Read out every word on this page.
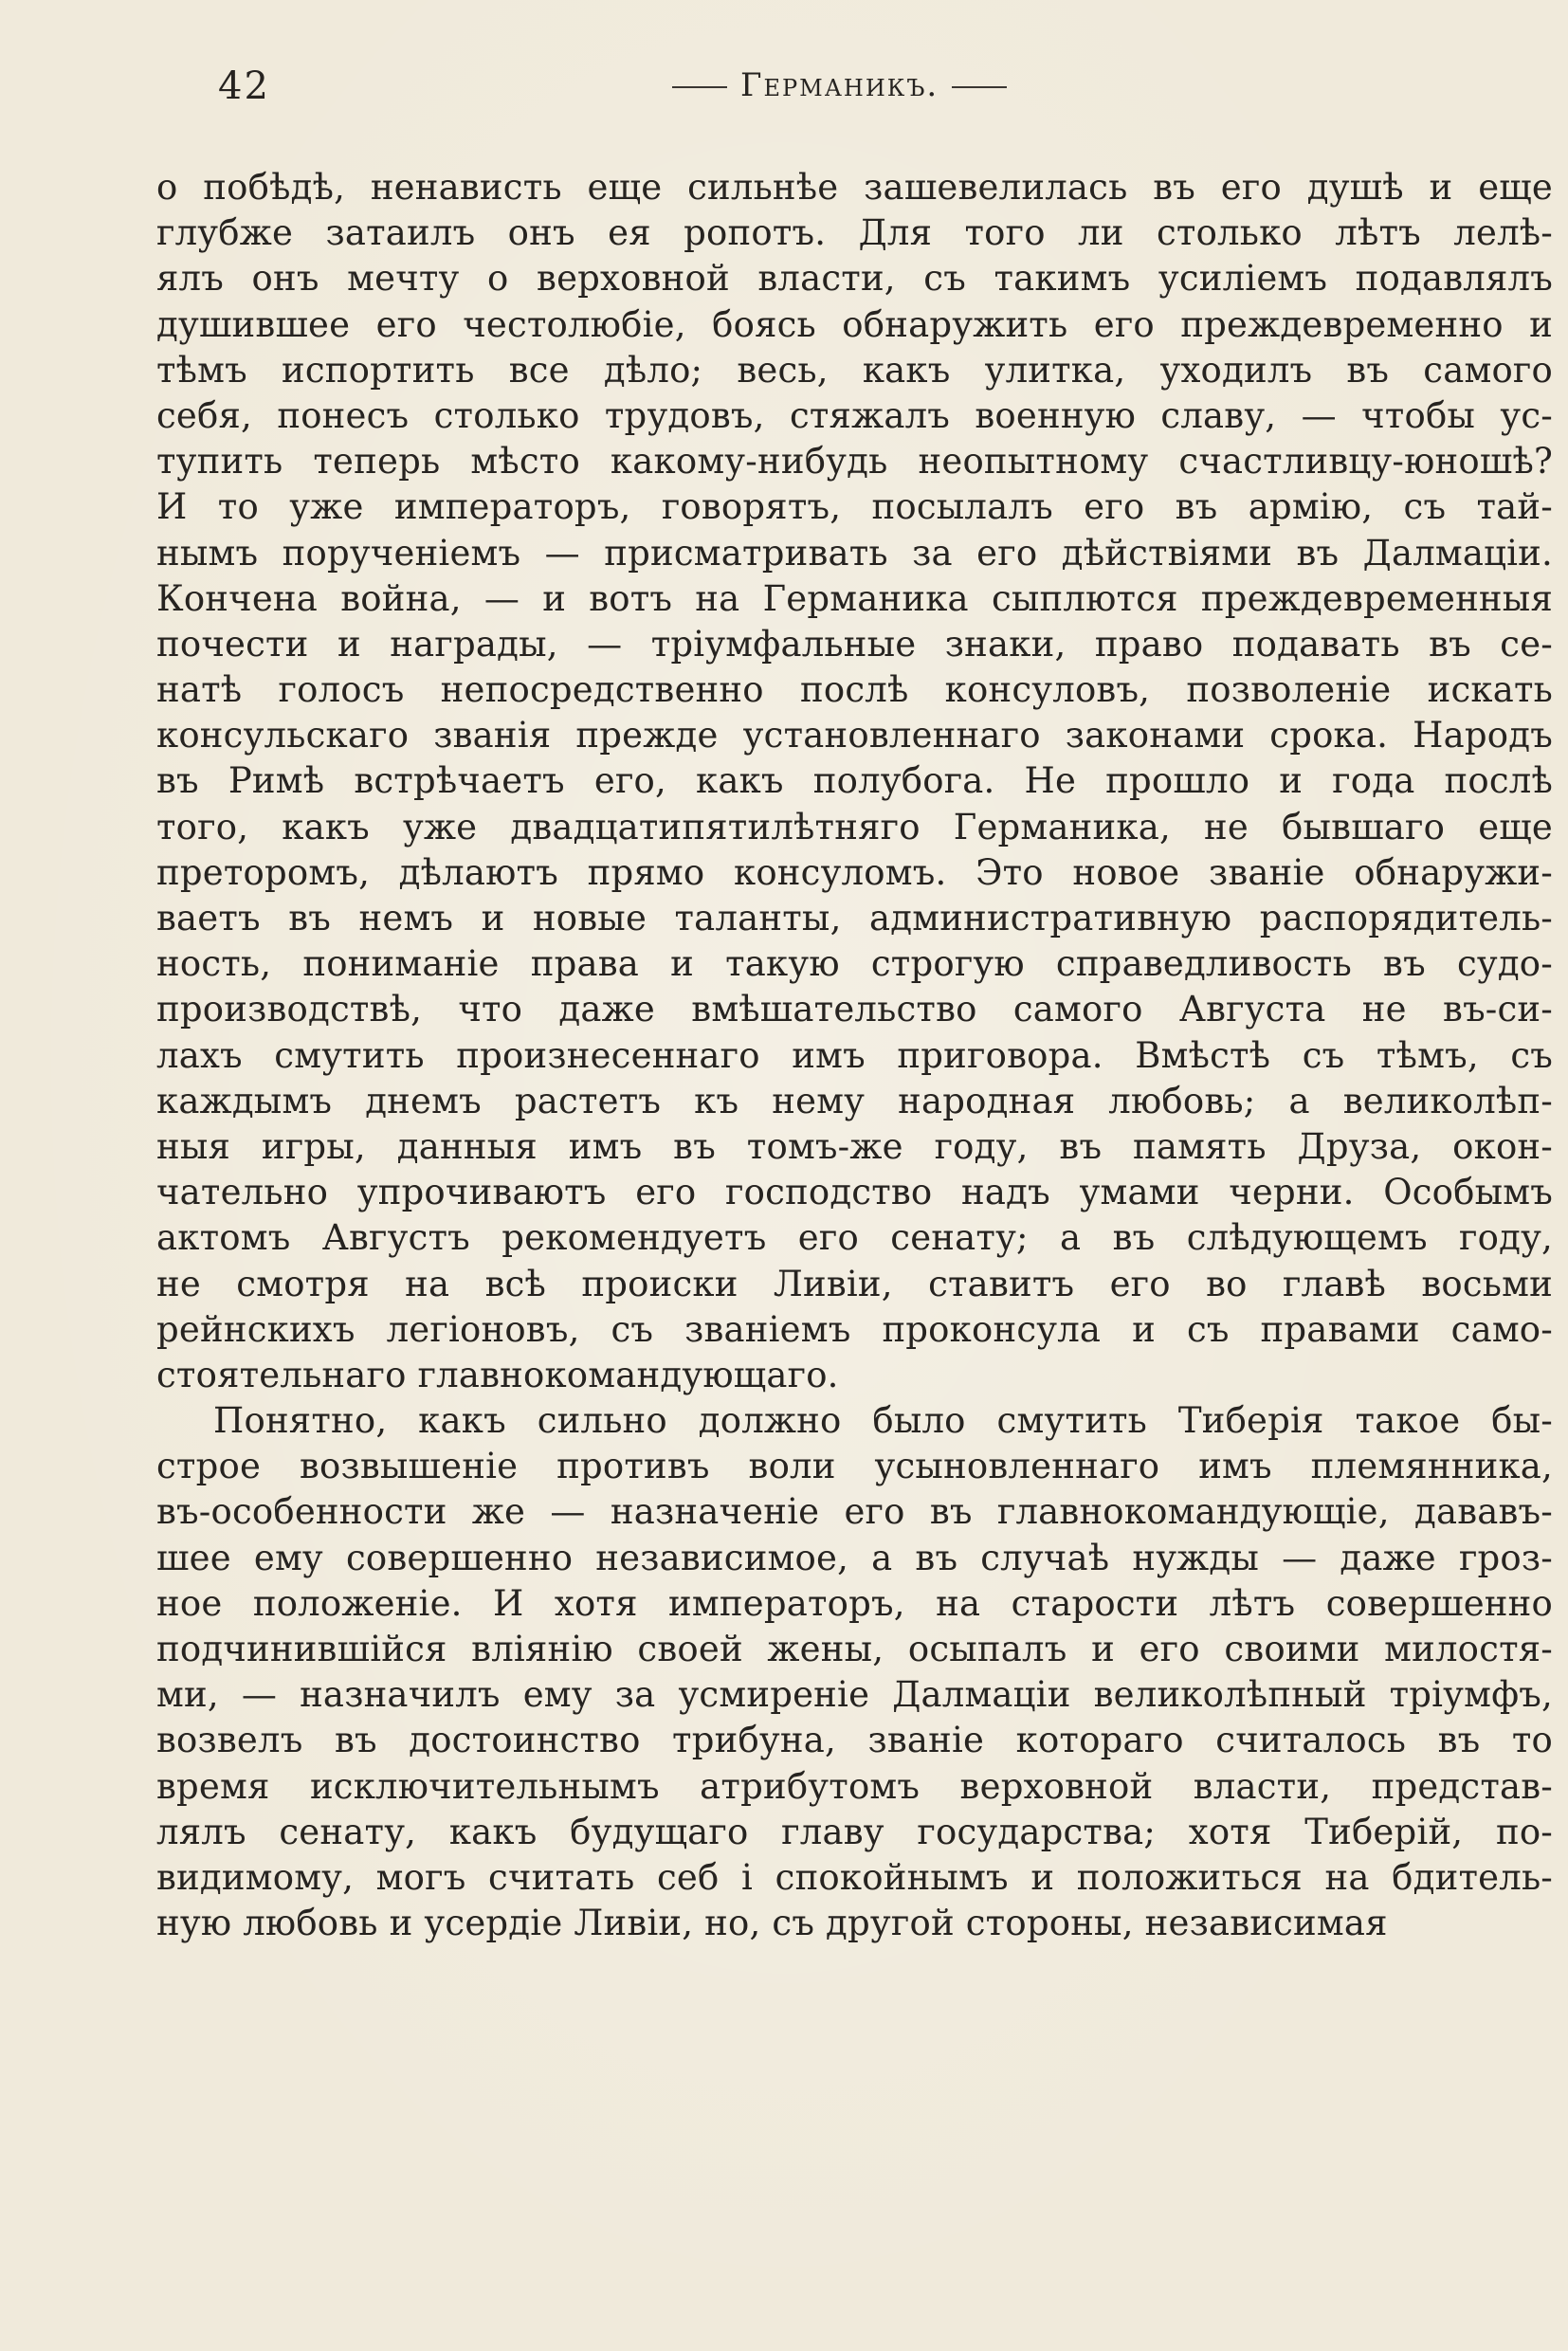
42	Германикъ.
о побѣдѣ, ненависть еще сильнѣе зашевелилась въ его душѣ и еще
глубже затаилъ онъ ея ропотъ. Для того ли столько лѣтъ лелѣ-
ялъ онъ мечту о верховной власти, съ такимъ усиліемъ подавлялъ
душившее его честолюбіе, боясь обнаружить его преждевременно и
тѣмъ испортить все дѣло; весь, какъ улитка, уходилъ въ самого
себя, понесъ столько трудовъ, стяжалъ военную славу, — чтобы ус-
тупить теперь мѣсто какому-нибудь неопытному счастливцу-юношѣ?
И то уже императоръ, говорятъ, посылалъ его въ армію, съ тай-
нымъ порученіемъ — присматривать за его дѣйствіями въ Далмаціи.
Кончена война, — и вотъ на Германика сыплются преждевременныя
почести и награды, — тріумфальные знаки, право подавать въ се-
натѣ голосъ непосредственно послѣ консуловъ, позволеніе искать
консульскаго званія прежде установленнаго законами срока. Народъ
въ Римѣ встрѣчаетъ его, какъ полубога. Не прошло и года послѣ
того, какъ уже двадцатипятилѣтняго Германика, не бывшаго еще
преторомъ, дѣлаютъ прямо консуломъ. Это новое званіе обнаружи-
ваетъ въ немъ и новые таланты, административную распорядитель-
ность, пониманіе права и такую строгую справедливость въ судо-
производствѣ, что даже вмѣшательство самого Августа не въ-си-
лахъ смутить произнесеннаго имъ приговора. Вмѣстѣ съ тѣмъ, съ
каждымъ днемъ растетъ къ нему народная любовь; а великолѣп-
ныя игры, данныя имъ въ томъ-же году, въ память Друза, окон-
чательно упрочиваютъ его господство надъ умами черни. Особымъ
актомъ Августъ рекомендуетъ его сенату; а въ слѣдующемъ году,
не смотря на всѣ происки Ливіи, ставитъ его во главѣ восьми
рейнскихъ легіоновъ, съ званіемъ проконсула и съ правами само-
стоятельнаго главнокомандующаго.
Понятно, какъ сильно должно было смутить Тиберія такое бы-
строе возвышеніе противъ воли усыновленнаго имъ племянника,
въ-особенности же — назначеніе его въ главнокомандующіе, дававъ-
шее ему совершенно независимое, а въ случаѣ нужды — даже гроз-
ное положеніе. И хотя императоръ, на старости лѣтъ совершенно
подчинившійся вліянію своей жены, осыпалъ и его своими милостя-
ми, — назначилъ ему за усмиреніе Далмаціи великолѣпный тріумфъ,
возвелъ въ достоинство трибуна, званіе котораго считалось въ то
время исключительнымъ атрибутомъ верховной власти, представ-
лялъ сенату, какъ будущаго главу государства; хотя Тиберій, по-
видимому, могъ считать себ і спокойнымъ и положиться на бдитель-
ную любовь и усердіе Ливіи, но, съ другой стороны, независимая
